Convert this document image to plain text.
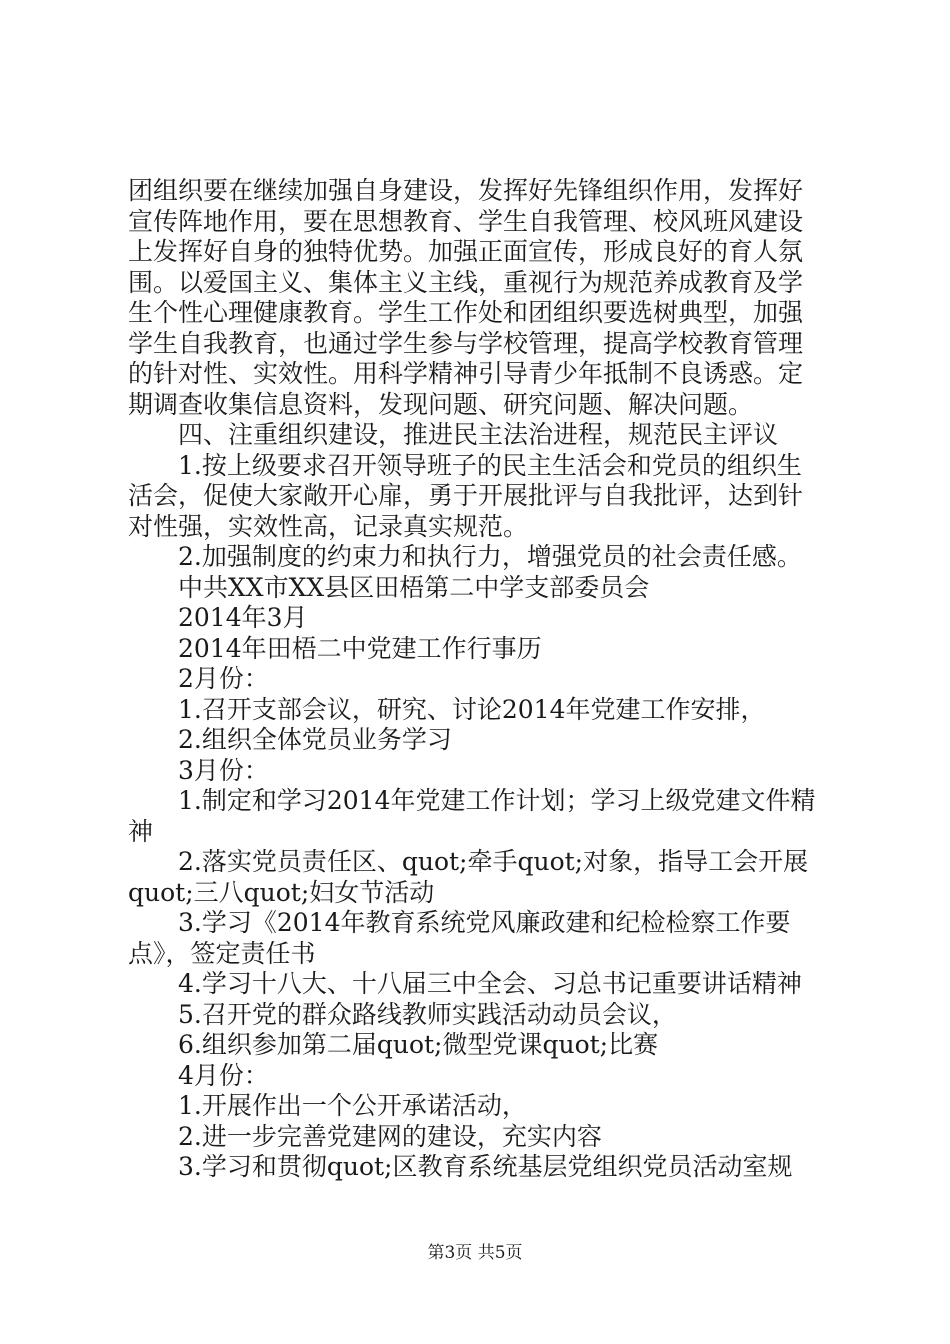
团组织要在继续加强自身建设，发挥好先锋组织作用，发挥好
宣传阵地作用，要在思想教育、学生自我管理、校风班风建设
上发挥好自身的独特优势。加强正面宣传，形成良好的育人氛
围。以爱国主义、集体主义主线，重视行为规范养成教育及学
生个性心理健康教育。学生工作处和团组织要选树典型，加强
学生自我教育，也通过学生参与学校管理，提高学校教育管理
的针对性、实效性。用科学精神引导青少年抵制不良诱惑。定
期调查收集信息资料，发现问题、研究问题、解决问题。
四、注重组织建设，推进民主法治进程，规范民主评议
1.按上级要求召开领导班子的民主生活会和党员的组织生
活会，促使大家敞开心扉，勇于开展批评与自我批评，达到针
对性强，实效性高，记录真实规范。
2.加强制度的约束力和执行力，增强党员的社会责任感。
中共XX市XX县区田梧第二中学支部委员会
2014年3月
2014年田梧二中党建工作行事历
2月份：
1.召开支部会议，研究、讨论2014年党建工作安排，
2.组织全体党员业务学习
3月份：
1.制定和学习2014年党建工作计划；学习上级党建文件精
神
2.落实党员责任区、quot;牵手quot;对象，指导工会开展
quot;三八quot;妇女节活动
3.学习《2014年教育系统党风廉政建和纪检检察工作要
点》，签定责任书
4.学习十八大、十八届三中全会、习总书记重要讲话精神
5.召开党的群众路线教师实践活动动员会议，
6.组织参加第二届quot;微型党课quot;比赛
4月份：
1.开展作出一个公开承诺活动，
2.进一步完善党建网的建设，充实内容
3.学习和贯彻quot;区教育系统基层党组织党员活动室规
第3页 共5页
